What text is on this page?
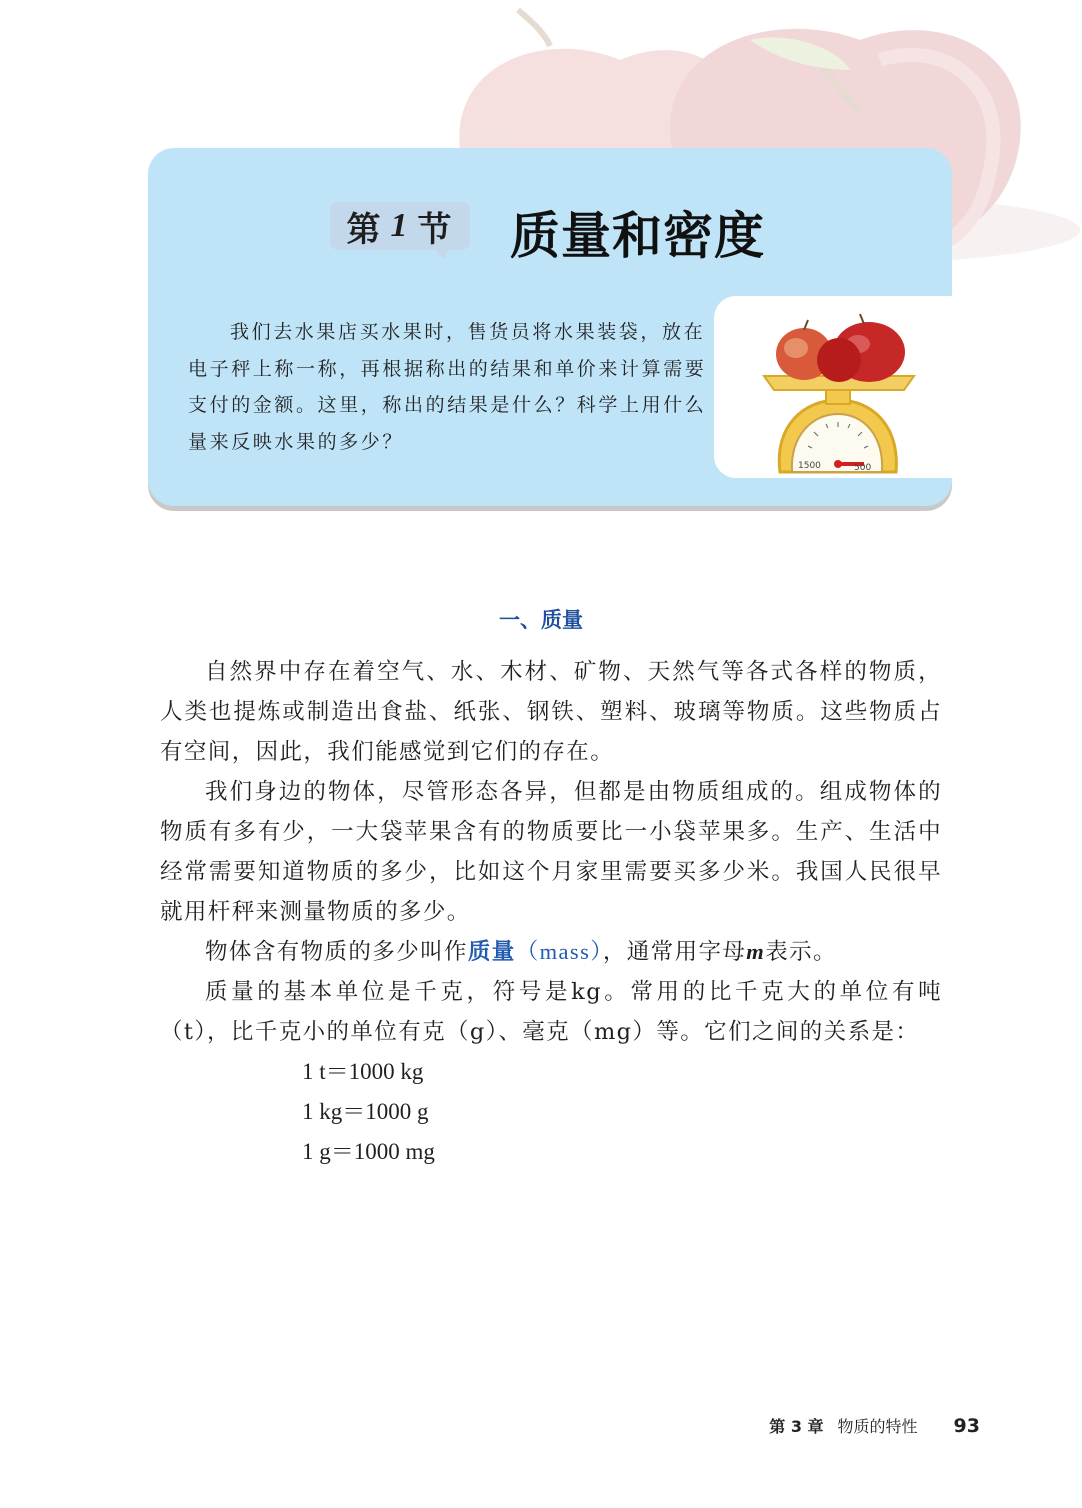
第 1 节 质量和密度

我们去水果店买水果时，售货员将水果装袋，放在电子秤上称一称，再根据称出的结果和单价来计算需要支付的金额。这里，称出的结果是什么？科学上用什么量来反映水果的多少？

1500	500
一、质量

自然界中存在着空气、水、木材、矿物、天然气等各式各样的物质，人类也提炼或制造出食盐、纸张、钢铁、塑料、玻璃等物质。这些物质占有空间，因此，我们能感觉到它们的存在。

我们身边的物体，尽管形态各异，但都是由物质组成的。组成物体的物质有多有少，一大袋苹果含有的物质要比一小袋苹果多。生产、生活中经常需要知道物质的多少，比如这个月家里需要买多少米。我国人民很早就用杆秤来测量物质的多少。

物体含有物质的多少叫作质量（mass），通常用字母m表示。

质量的基本单位是千克，符号是kg。常用的比千克大的单位有吨（t），比千克小的单位有克（g）、毫克（mg）等。它们之间的关系是：

1 t＝1000 kg
1 kg＝1000 g
1 g＝1000 mg
第 3 章 物质的特性 93
